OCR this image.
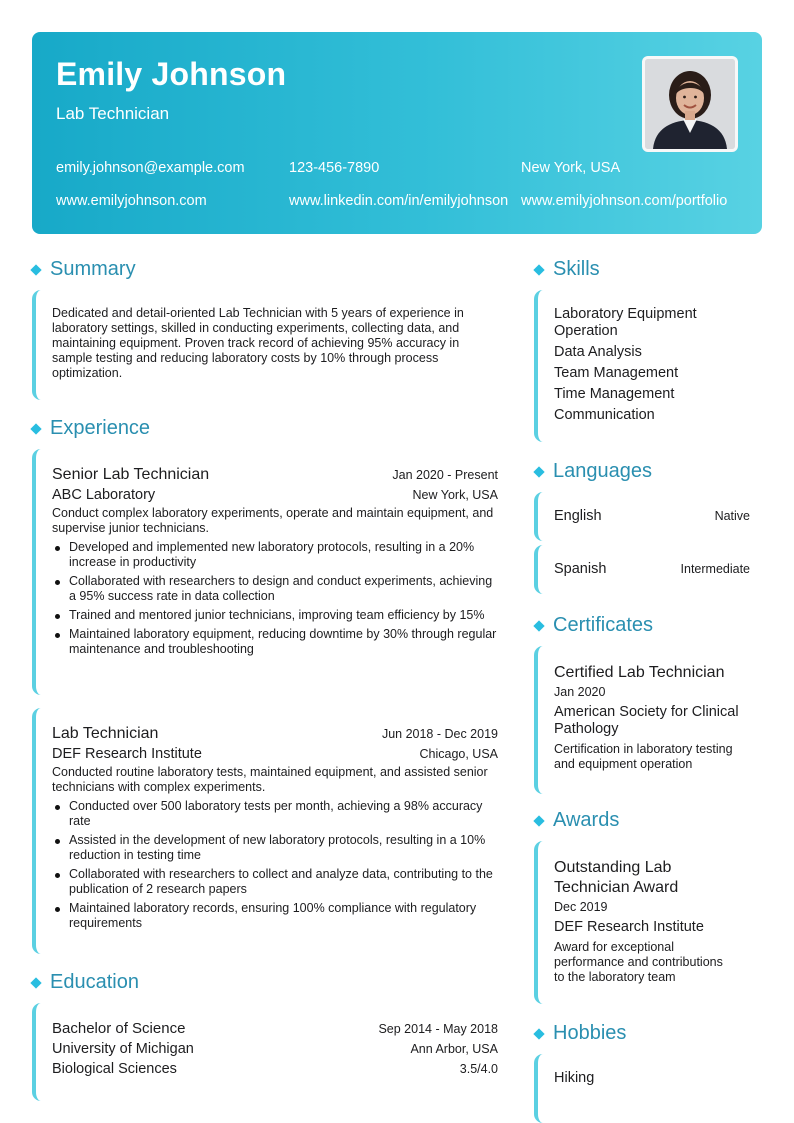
Emily Johnson
Lab Technician
emily.johnson@example.com	123-456-7890	New York, USA
www.emilyjohnson.com	www.linkedin.com/in/emilyjohnson www.emilyjohnson.com/portfolio
Summary
Dedicated and detail-oriented Lab Technician with 5 years of experience in laboratory settings, skilled in conducting experiments, collecting data, and maintaining equipment. Proven track record of achieving 95% accuracy in sample testing and reducing laboratory costs by 10% through process optimization.
Experience
Senior Lab Technician	Jan 2020 - Present
ABC Laboratory	New York, USA
Conduct complex laboratory experiments, operate and maintain equipment, and supervise junior technicians.
Developed and implemented new laboratory protocols, resulting in a 20% increase in productivity
Collaborated with researchers to design and conduct experiments, achieving a 95% success rate in data collection
Trained and mentored junior technicians, improving team efficiency by 15%
Maintained laboratory equipment, reducing downtime by 30% through regular maintenance and troubleshooting
Lab Technician	Jun 2018 - Dec 2019
DEF Research Institute	Chicago, USA
Conducted routine laboratory tests, maintained equipment, and assisted senior technicians with complex experiments.
Conducted over 500 laboratory tests per month, achieving a 98% accuracy rate
Assisted in the development of new laboratory protocols, resulting in a 10% reduction in testing time
Collaborated with researchers to collect and analyze data, contributing to the publication of 2 research papers
Maintained laboratory records, ensuring 100% compliance with regulatory requirements
Education
Bachelor of Science	Sep 2014 - May 2018
University of Michigan	Ann Arbor, USA
Biological Sciences	3.5/4.0
Skills
Laboratory Equipment Operation
Data Analysis
Team Management
Time Management
Communication
Languages
English	Native
Spanish	Intermediate
Certificates
Certified Lab Technician
Jan 2020
American Society for Clinical Pathology
Certification in laboratory testing and equipment operation
Awards
Outstanding Lab Technician Award
Dec 2019
DEF Research Institute
Award for exceptional performance and contributions to the laboratory team
Hobbies
Hiking
